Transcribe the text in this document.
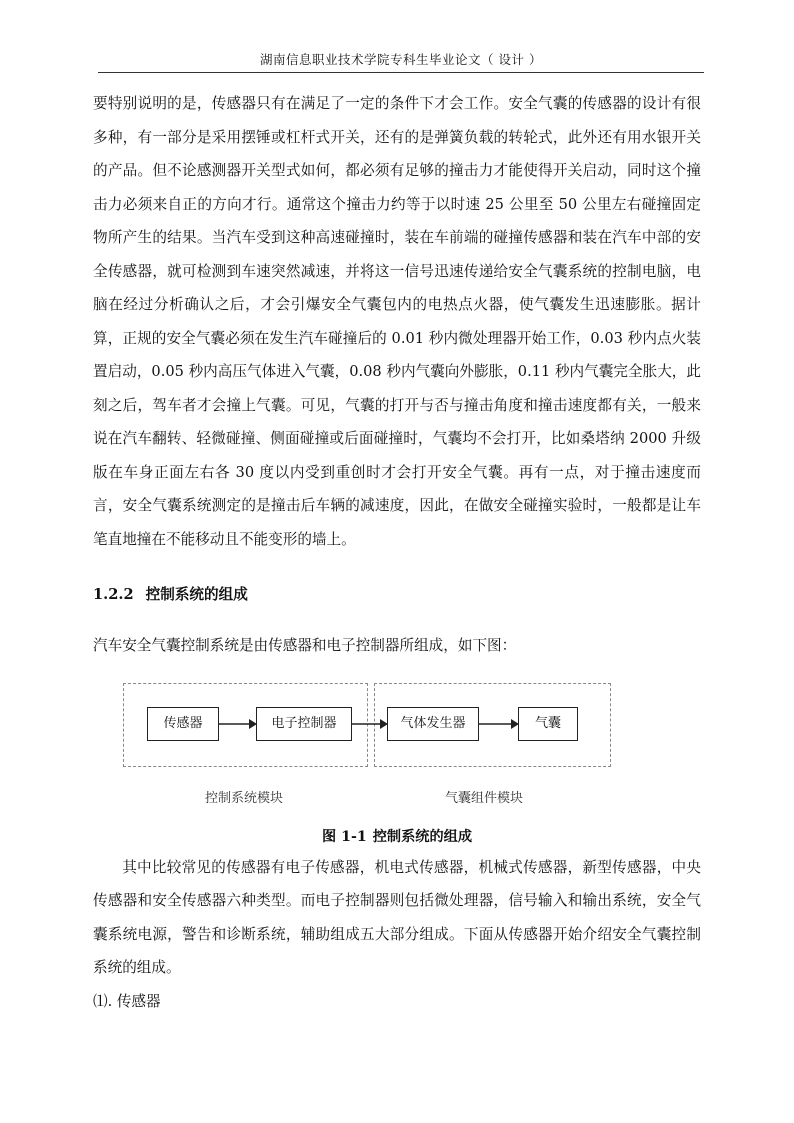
湖南信息职业技术学院专科生毕业论文（ 设计 ）

要特别说明的是，传感器只有在满足了一定的条件下才会工作。安全气囊的传感器的设计有很多种，有一部分是采用摆锤或杠杆式开关，还有的是弹簧负载的转轮式，此外还有用水银开关的产品。但不论感测器开关型式如何，都必须有足够的撞击力才能使得开关启动，同时这个撞击力必须来自正的方向才行。通常这个撞击力约等于以时速 25 公里至 50 公里左右碰撞固定物所产生的结果。当汽车受到这种高速碰撞时，装在车前端的碰撞传感器和装在汽车中部的安全传感器，就可检测到车速突然减速，并将这一信号迅速传递给安全气囊系统的控制电脑，电脑在经过分析确认之后，才会引爆安全气囊包内的电热点火器，使气囊发生迅速膨胀。据计算，正规的安全气囊必须在发生汽车碰撞后的 0.01 秒内微处理器开始工作，0.03 秒内点火装置启动，0.05 秒内高压气体进入气囊，0.08 秒内气囊向外膨胀，0.11 秒内气囊完全胀大，此刻之后，驾车者才会撞上气囊。可见，气囊的打开与否与撞击角度和撞击速度都有关，一般来说在汽车翻转、轻微碰撞、侧面碰撞或后面碰撞时，气囊均不会打开，比如桑塔纳 2000 升级版在车身正面左右各 30 度以内受到重创时才会打开安全气囊。再有一点，对于撞击速度而言，安全气囊系统测定的是撞击后车辆的减速度，因此，在做安全碰撞实验时，一般都是让车笔直地撞在不能移动且不能变形的墙上。

1.2.2 控制系统的组成

汽车安全气囊控制系统是由传感器和电子控制器所组成，如下图：

传感器	电子控制器	气体发生器	气囊
控制系统模块	气囊组件模块

图 1-1 控制系统的组成

其中比较常见的传感器有电子传感器，机电式传感器，机械式传感器，新型传感器，中央传感器和安全传感器六种类型。而电子控制器则包括微处理器，信号输入和输出系统，安全气囊系统电源，警告和诊断系统，辅助组成五大部分组成。下面从传感器开始介绍安全气囊控制系统的组成。

⑴. 传感器
